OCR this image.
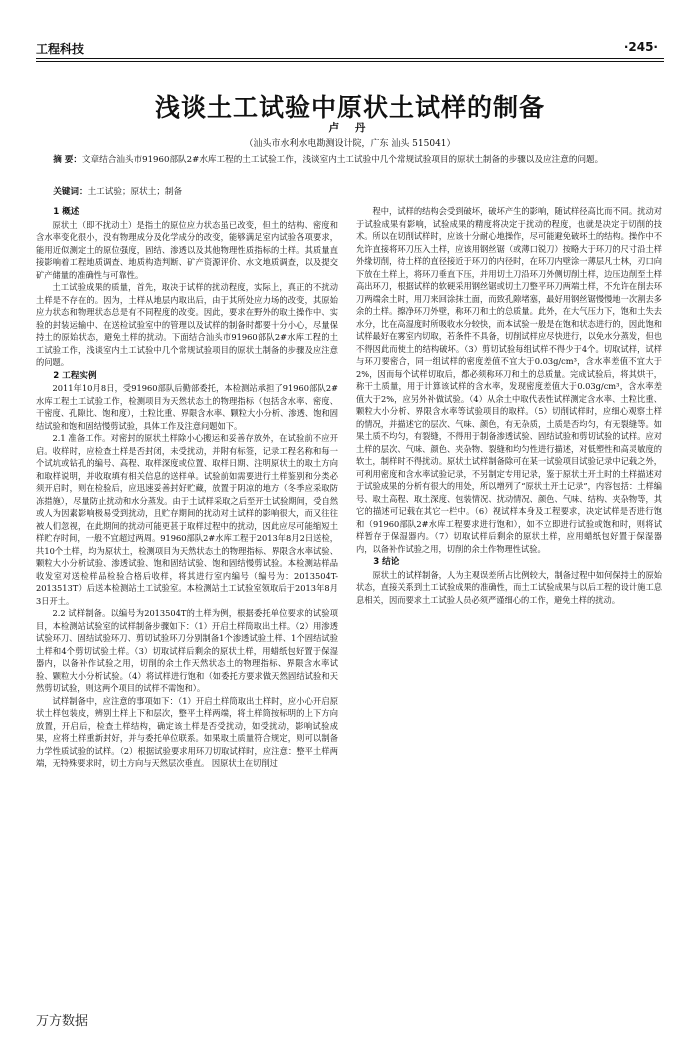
工程科技	·245·
浅谈土工试验中原状土试样的制备
卢 丹
（汕头市水利水电勘测设计院，广东 汕头 515041）
摘 要：文章结合汕头市91960部队2#水库工程的土工试验工作，浅谈室内土工试验中几个常规试验项目的原状土制备的步骤以及应注意的问题。
关键词：土工试验；原状土；制备
1 概述

原状土（即不扰动土）是指土的原位应力状态虽已改变，但土的结构、密度和含水率变化很小，没有物理成分及化学成分的改变，能够满足室内试验各项要求，能用近似测定土的原位强度，固结、渗透以及其他物理性质指标的土样。其质量直接影响着工程地质调查、地质构造判断、矿产资源评价、水文地质调查，以及提交矿产储量的准确性与可靠性。

土工试验成果的质量，首先，取决于试样的扰动程度，实际上，真正的不扰动土样是不存在的。因为，土样从地层内取出后，由于其所处应力场的改变，其原始应力状态和物理状态总是有不同程度的改变。因此，要求在野外的取土操作中、实验的封装运输中、在送检试验室中的管理以及试样的制备时都要十分小心，尽量保持土的原始状态，避免土样的扰动。下面结合汕头市91960部队2#水库工程的土工试验工作，浅谈室内土工试验中几个常规试验项目的原状土制备的步骤及应注意的问题。

2 工程实例

2011年10月8日，受91960部队后勤部委托，本检测站承担了91960部队2#水库工程土工试验工作，检测项目为天然状态土的物理指标（包括含水率、密度、干密度、孔隙比、饱和度），土粒比重、界限含水率、颗粒大小分析、渗透、饱和固结试验和饱和固结慢剪试验，具体工作及注意问题如下。

2.1 准备工作。对密封的原状土样除小心搬运和妥善存放外，在试验前不应开启。收样时，应检查土样是否封闭，未受扰动，并附有标签，记录工程名称和每一个试坑或钻孔的编号、高程、取样深度或位置、取样日期、注明原状土的取土方向和取样说明，并收取填有相关信息的送样单。试验前如需要进行土样鉴别和分类必须开启时，则在检验后，应迅速妥善封好贮藏，放置于阴凉的地方（冬季应采取防冻措施），尽量防止扰动和水分蒸发。由于土试样采取之后至开土试验期间，受自然或人为因素影响极易受到扰动，且贮存期间的扰动对土试样的影响很大，而又往往被人们忽视，在此期间的扰动可能更甚于取样过程中的扰动，因此应尽可能缩短土样贮存时间，一般不宜超过两周。91960部队2#水库工程于2013年8月2日送检，共10个土样，均为原状土，检测项目为天然状态土的物理指标、界限含水率试验、颗粒大小分析试验、渗透试验、饱和固结试验、饱和固结慢剪试验。本检测站样品收发室对送检样品检验合格后收样，将其进行室内编号（编号为：2013504T-2013513T）后送本检测站土工试验室。本检测站土工试验室领取后于2013年8月3日开土。

2.2 试样制备。以编号为2013504T的土样为例，根据委托单位要求的试验项目，本检测站试验室的试样制备步骤如下：（1）开启土样筒取出土样。（2）用渗透试验环刀、固结试验环刀、剪切试验环刀分别制备1个渗透试验土样、1个固结试验土样和4个剪切试验土样。（3）切取试样后剩余的原状土样，用蜡纸包好置于保湿器内，以备补作试验之用，切削的余土作天然状态土的物理指标、界限含水率试验、颗粒大小分析试验。（4）将试样进行饱和（如委托方要求做天然固结试验和天然剪切试验，则这两个项目的试样不需饱和）。

试样制备中，应注意的事项如下：（1）开启土样筒取出土样时，应小心开启原状土样包装皮，辨别土样上下和层次，整平土样两端，将土样筒按标明的上下方向放置，开启后，检查土样结构，确定该土样是否受扰动，如受扰动，影响试验成果，应将土样重新封好，并与委托单位联系。如果取土质量符合规定，则可以制备力学性质试验的试样。（2）根据试验要求用环刀切取试样时，应注意：整平土样两端，无特殊要求时，切土方向与天然层次垂直。 因原状土在切削过

程中，试样的结构会受到破坏，破坏产生的影响，随试样径高比而不同。扰动对于试验成果有影响，试验成果的精度将决定于扰动的程度，也就是决定于切削的技术。所以在切削试样时，应该十分耐心地操作，尽可能避免破坏土的结构。操作中不允许直接将环刀压入土样，应该用钢丝锯（或薄口锐刀）按略大于环刀的尺寸沿土样外缘切削，待土样的直径接近于环刀的内径时，在环刀内壁涂一薄层凡士林，刃口向下放在土样上，将环刀垂直下压，并用切土刀沿环刀外侧切削土样，边压边削至土样高出环刀，根据试样的软硬采用钢丝锯或切土刀整平环刀两端土样，不允许在削去环刀两端余土时，用刀来回涂抹土面，而致孔隙堵塞，最好用钢丝锯慢慢地一次割去多余的土样。擦净环刀外壁，称环刀和土的总质量。此外，在大气压力下，饱和土失去水分，比在高湿度时所吸收水分较快，而本试验一般是在饱和状态进行的，因此饱和试样最好在雾室内切取，若条件不具备，切削试样应尽快进行，以免水分蒸发，但也不得因此而使土的结构破坏。（3）剪切试验每组试样不得少于4个。切取试样，试样与环刀要密合，同一组试样的密度差值不宜大于0.03g/cm³，含水率差值不宜大于2%，因而每个试样切取后，都必须称环刀和土的总质量。完成试验后，将其烘干，称干土质量，用于计算该试样的含水率，发现密度差值大于0.03g/cm³，含水率差值大于2%，应另外补做试验。（4）从余土中取代表性试样测定含水率、土粒比重、颗粒大小分析、界限含水率等试验项目的取样。（5）切削试样时，应细心观察土样的情况，并描述它的层次、气味、颜色，有无杂质，土质是否均匀，有无裂缝等。如果土质不均匀，有裂缝，不得用于制备渗透试验、固结试验和剪切试验的试样。应对土样的层次、气味、颜色、夹杂物、裂缝和均匀性进行描述，对低塑性和高灵敏度的软土，制样时不得扰动。原状土试样制备除可在某一试验项目试验记录中记载之外，可利用密度和含水率试验记录，不另制定专用记录，鉴于原状土开土时的土样描述对于试验成果的分析有很大的用处，所以增列了“原状土开土记录”，内容包括：土样编号、取土高程、取土深度、包装情况、扰动情况、颜色、气味、结构、夹杂物等，其它的描述可记载在其它一栏中。（6）视试样本身及工程要求，决定试样是否进行饱和（91960部队2#水库工程要求进行饱和），如不立即进行试验或饱和时，则将试样暂存于保湿器内。（7）切取试样后剩余的原状土样，应用蜡纸包好置于保湿器内，以备补作试验之用，切削的余土作物理性试验。

3 结论

原状土的试样制备，人为主观误差所占比例较大，制备过程中如何保持土的原始状态，直接关系到土工试验成果的准确性，而土工试验成果与以后工程的设计施工息息相关，因而要求土工试验人员必须严谨细心的工作，避免土样的扰动。

万方数据
